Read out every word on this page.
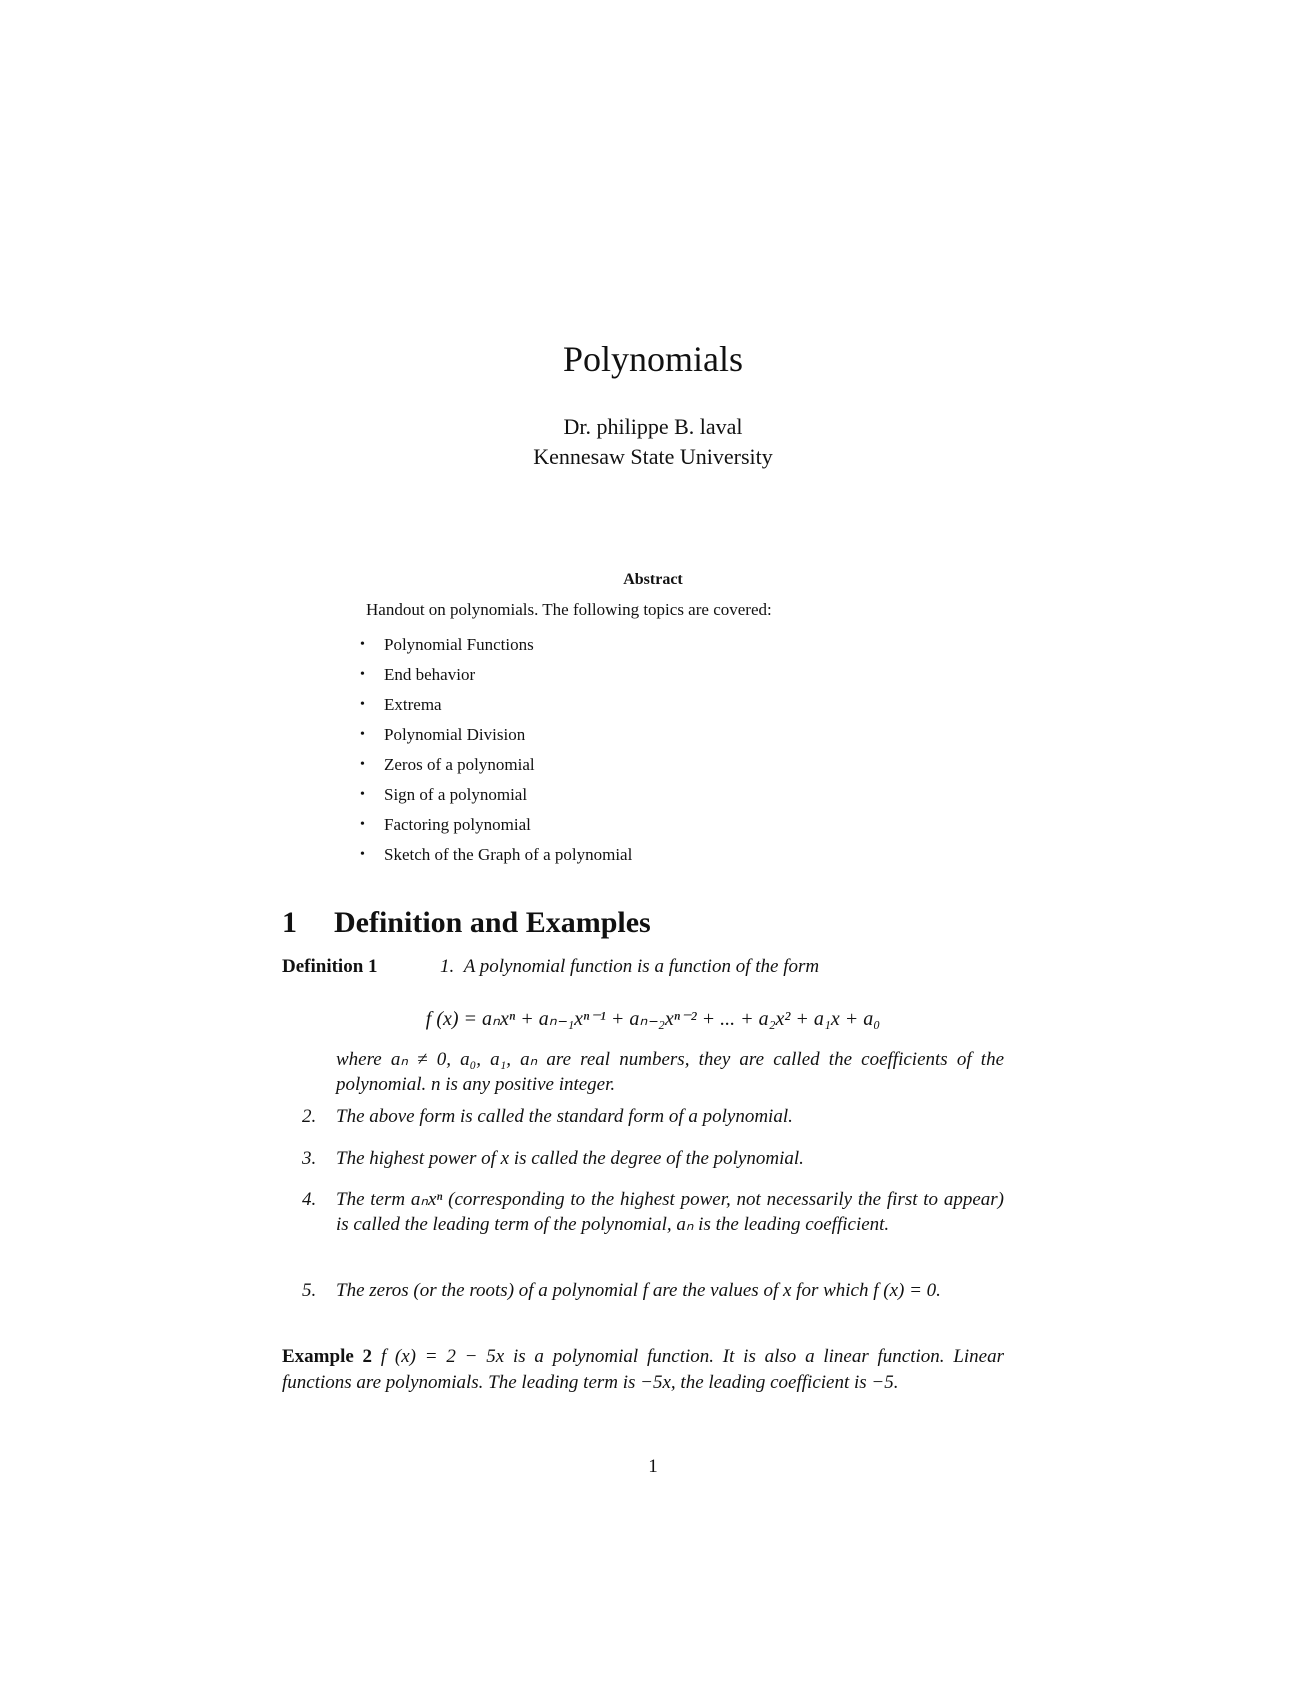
Polynomials
Dr. philippe B. laval
Kennesaw State University
Abstract
Handout on polynomials. The following topics are covered:
• Polynomial Functions
• End behavior
• Extrema
• Polynomial Division
• Zeros of a polynomial
• Sign of a polynomial
• Factoring polynomial
• Sketch of the Graph of a polynomial
1 Definition and Examples
Definition 1	1. A polynomial function is a function of the form
f (x) = aₙxⁿ + aₙ₋₁xⁿ⁻¹ + aₙ₋₂xⁿ⁻² + ... + a₂x² + a₁x + a₀
where aₙ ≠ 0, a₀, a₁, aₙ are real numbers, they are called the coefficients of the polynomial. n is any positive integer.
2. The above form is called the standard form of a polynomial.
3. The highest power of x is called the degree of the polynomial.
4. The term aₙxⁿ (corresponding to the highest power, not necessarily the first to appear) is called the leading term of the polynomial, aₙ is the leading coefficient.
5. The zeros (or the roots) of a polynomial f are the values of x for which f (x) = 0.
Example 2 f (x) = 2 − 5x is a polynomial function. It is also a linear function. Linear functions are polynomials. The leading term is −5x, the leading coefficient is −5.
1
